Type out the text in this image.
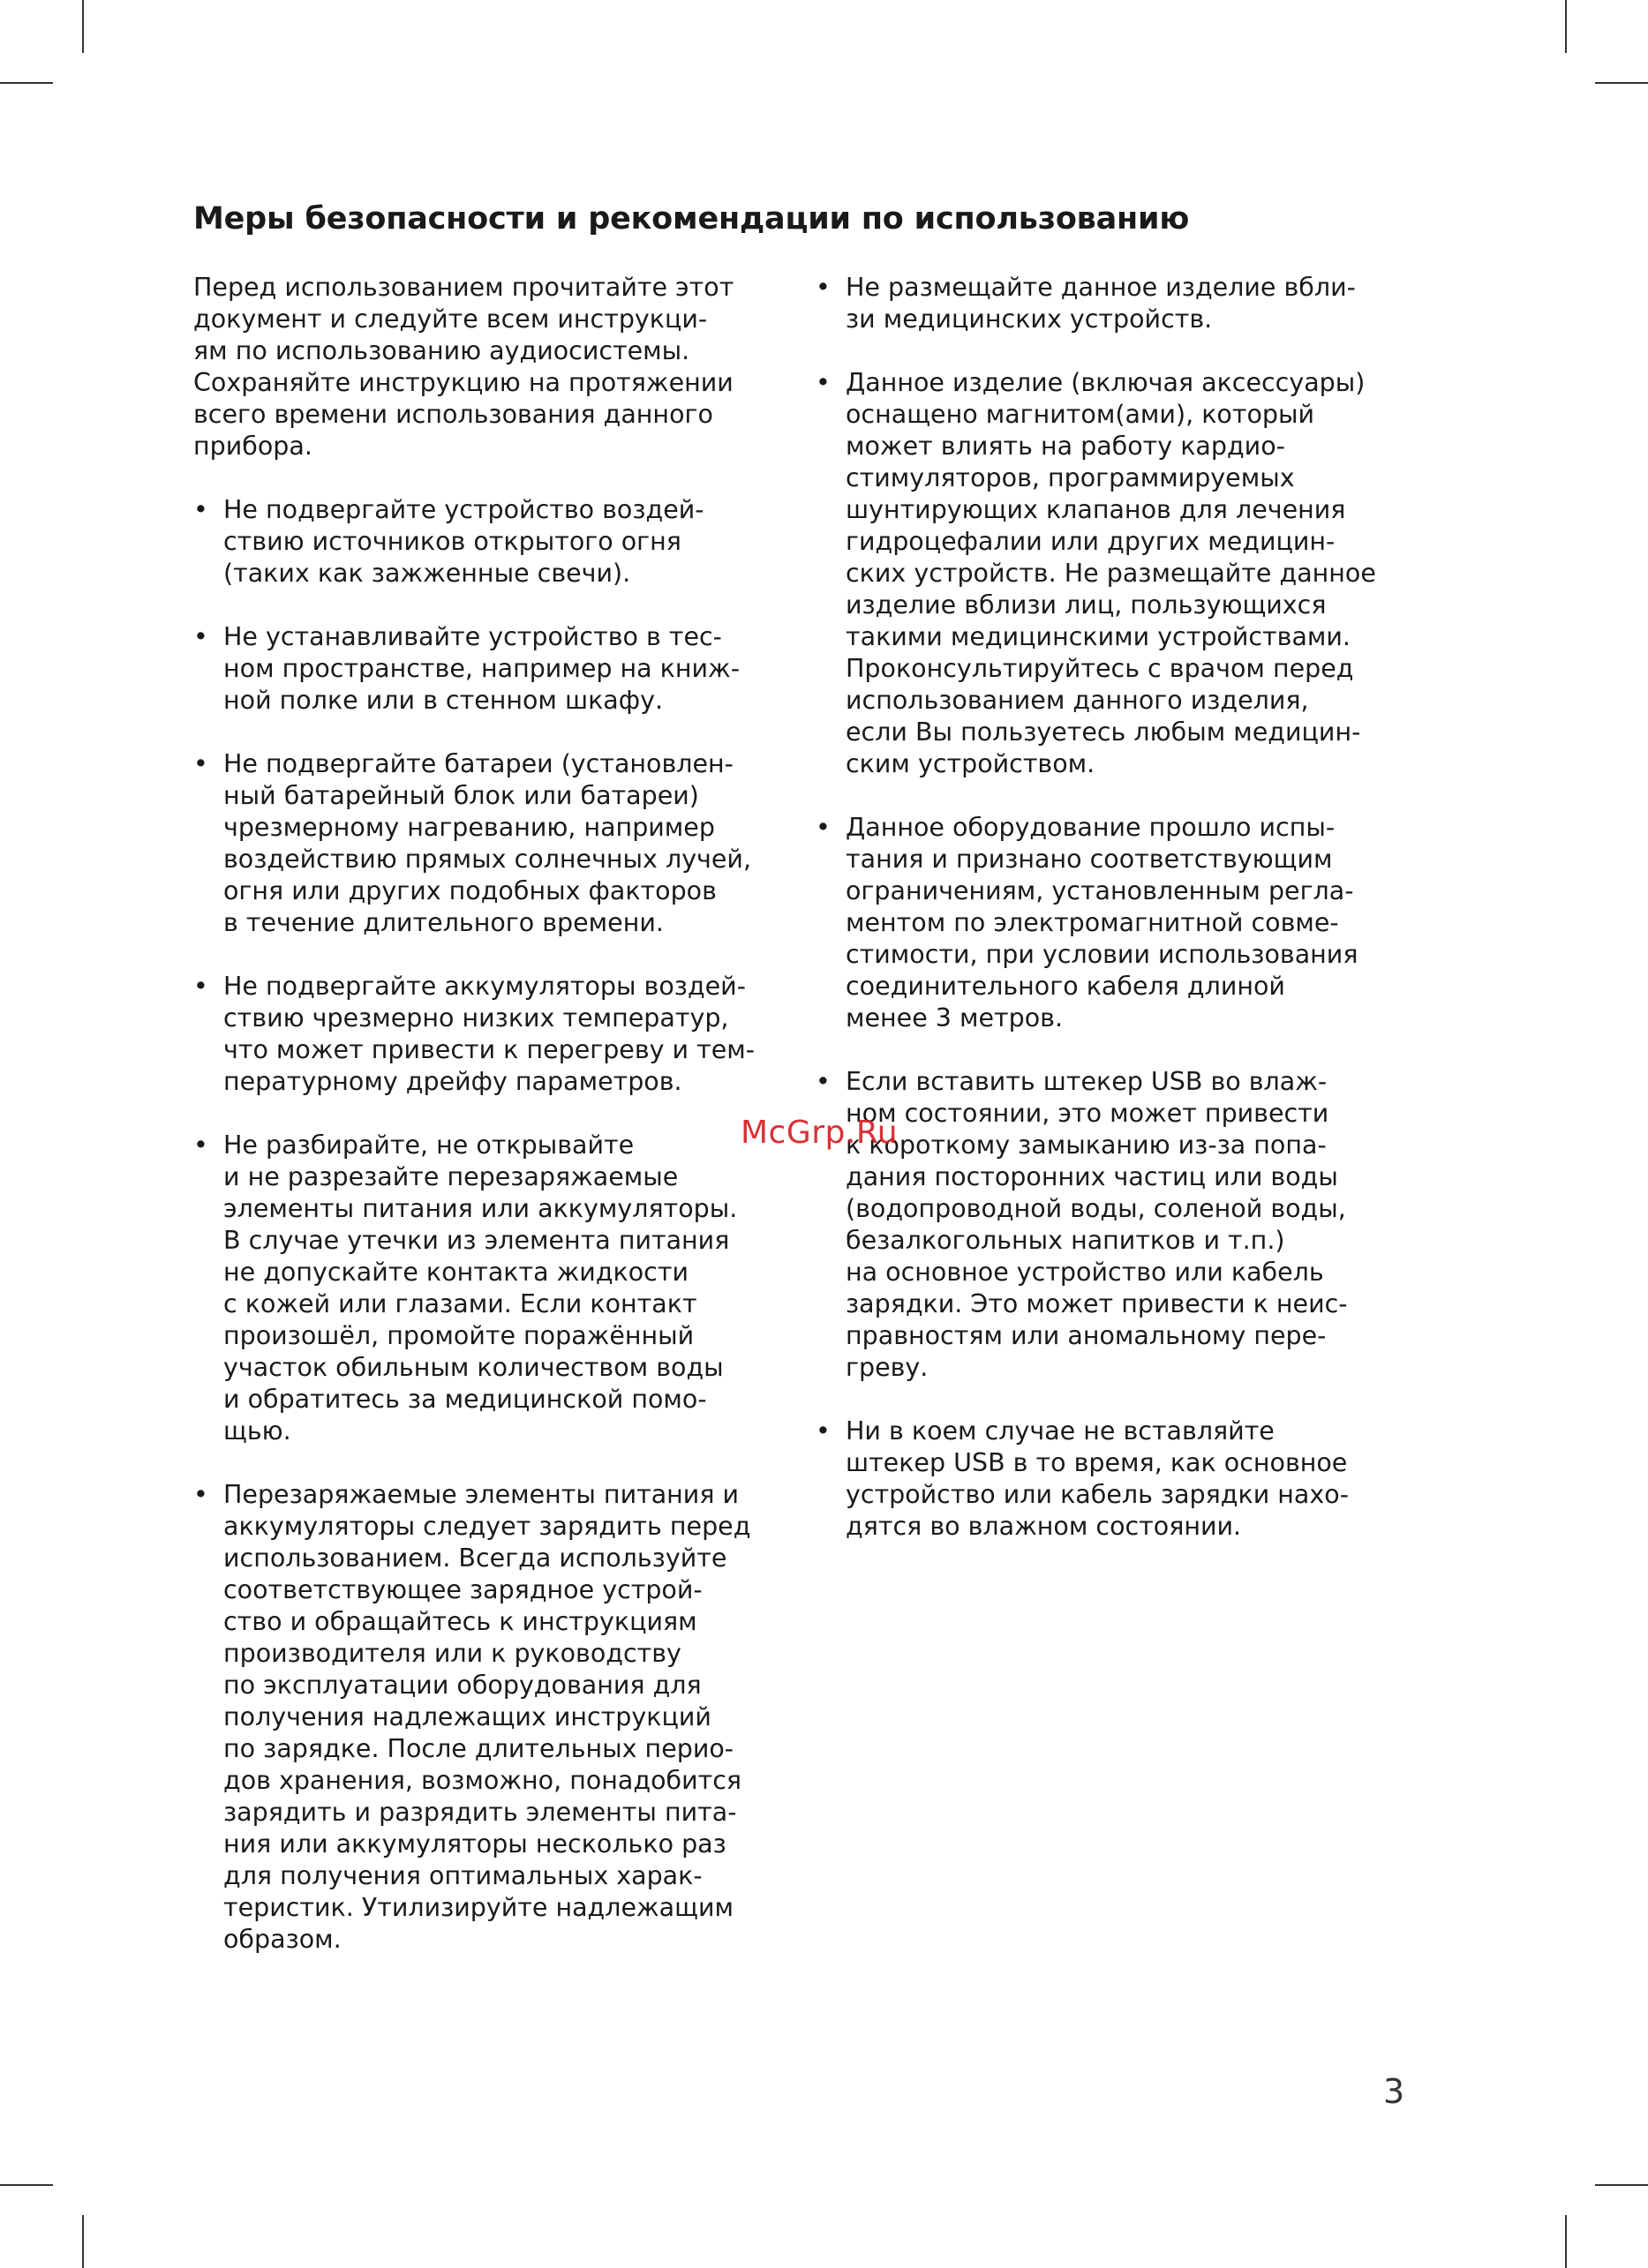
Меры безопасности и рекомендации по использованию
Перед использованием прочитайте этот
документ и следуйте всем инструкци-
ям по использованию аудиосистемы.
Сохраняйте инструкцию на протяжении
всего времени использования данного
прибора.
• Не подвергайте устройство воздей-
ствию источников открытого огня
(таких как зажженные свечи).
• Не устанавливайте устройство в тес-
ном пространстве, например на книж-
ной полке или в стенном шкафу.
• Не подвергайте батареи (установлен-
ный батарейный блок или батареи)
чрезмерному нагреванию, например
воздействию прямых солнечных лучей,
огня или других подобных факторов
в течение длительного времени.
• Не подвергайте аккумуляторы воздей-
ствию чрезмерно низких температур,
что может привести к перегреву и тем-
пературному дрейфу параметров.
• Не разбирайте, не открывайте
и не разрезайте перезаряжаемые
элементы питания или аккумуляторы.
В случае утечки из элемента питания
не допускайте контакта жидкости
с кожей или глазами. Если контакт
произошёл, промойте поражённый
участок обильным количеством воды
и обратитесь за медицинской помо-
щью.
• Перезаряжаемые элементы питания и
аккумуляторы следует зарядить перед
использованием. Всегда используйте
соответствующее зарядное устрой-
ство и обращайтесь к инструкциям
производителя или к руководству
по эксплуатации оборудования для
получения надлежащих инструкций
по зарядке. После длительных перио-
дов хранения, возможно, понадобится
зарядить и разрядить элементы пита-
ния или аккумуляторы несколько раз
для получения оптимальных харак-
теристик. Утилизируйте надлежащим
образом.
• Не размещайте данное изделие вбли-
зи медицинских устройств.
• Данное изделие (включая аксессуары)
оснащено магнитом(ами), который
может влиять на работу кардио-
стимуляторов, программируемых
шунтирующих клапанов для лечения
гидроцефалии или других медицин-
ских устройств. Не размещайте данное
изделие вблизи лиц, пользующихся
такими медицинскими устройствами.
Проконсультируйтесь с врачом перед
использованием данного изделия,
если Вы пользуетесь любым медицин-
ским устройством.
• Данное оборудование прошло испы-
тания и признано соответствующим
ограничениям, установленным регла-
ментом по электромагнитной совме-
стимости, при условии использования
соединительного кабеля длиной
менее 3 метров.
• Если вставить штекер USB во влаж-
ном состоянии, это может привести
к короткому замыканию из-за попа-
дания посторонних частиц или воды
(водопроводной воды, соленой воды,
безалкогольных напитков и т.п.)
на основное устройство или кабель
зарядки. Это может привести к неис-
правностям или аномальному пере-
греву.
• Ни в коем случае не вставляйте
штекер USB в то время, как основное
устройство или кабель зарядки нахо-
дятся во влажном состоянии.
McGrp.Ru
3
